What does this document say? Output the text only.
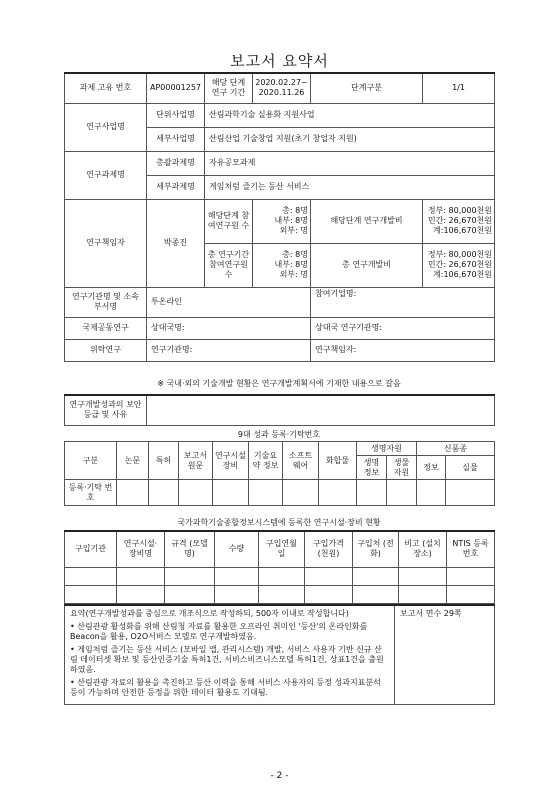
보고서 요약서
과제 고유 번호	AP00001257	해당 단계 연구 기간	2020.02.27~ 2020.11.26	단계구분	1/1
연구사업명	단위사업명	산림과학기술 실용화 지원사업			
	세부사업명	산림산업 기술창업 지원(초기 창업자 지원)			
연구과제명	총괄과제명	자유공모과제			
	세부과제명	게임처럼 즐기는 등산 서비스			
연구책임자	박종진	해당단계 참여연구원 수	총: 8명
내부: 8명
외부: 명	해당단계 연구개발비	정부: 80,000천원
민간: 26,670천원
계:106,670천원

		총 연구기간 참여연구원 수	총: 8명
내부: 8명
외부: 명	총 연구개발비	정부: 80,000천원
민간: 26,670천원
계:106,670천원

연구기관명 및 소속 부서명	투온라인			참여기업명:	
국제공동연구	상대국명:			상대국 연구기관명:	
위탁연구	연구기관명:			연구책임자:	
※ 국내·외의 기술개발 현황은 연구개발계획서에 기재한 내용으로 갈음
연구개발성과의 보안등급 및 사유	
9대 성과 등록·기탁번호
구분	논문	특허	보고서 원문	연구시설 장비	기술요약 정보	소프트 웨어	화합물	생명자원		신품종	
								생명 정보	생물 자원	정보	실물
등록·기탁 번호											
국가과학기술종합정보시스템에 등록한 연구시설·장비 현황
구입기관	연구시설· 장비명	규격 (모델명)	수량	구입연월 일	구입가격 (천원)	구입처 (전화)	비고 (설치장소)	NTIS 등록번호

요약(연구개발성과를 중심으로 개조식으로 작성하되, 500자 이내로 작성합니다)

• 산림관광 활성화를 위해 산림청 자료를 활용한 오프라인 취미인 '등산'의 온라인화를 Beacon을 활용, O2O서비스 모델로 연구개발하였음.

• 게임처럼 즐기는 등산 서비스 (모바일 앱, 관리시스템) 개발, 서비스 사용자 기반 신규 산림 데이터셋 확보 및 등산인증기술 특허1건, 서비스비즈니스모델 특허1건, 상표1건을 출원하였음.

• 산림관광 자료의 활용을 촉진하고 등산 이력을 통해 서비스 사용자의 등정 성과지표분석 등이 가능하며 안전한 등정을 위한 데이터 활용도 기대됨.

	보고서 면수 29쪽
- 2 -
